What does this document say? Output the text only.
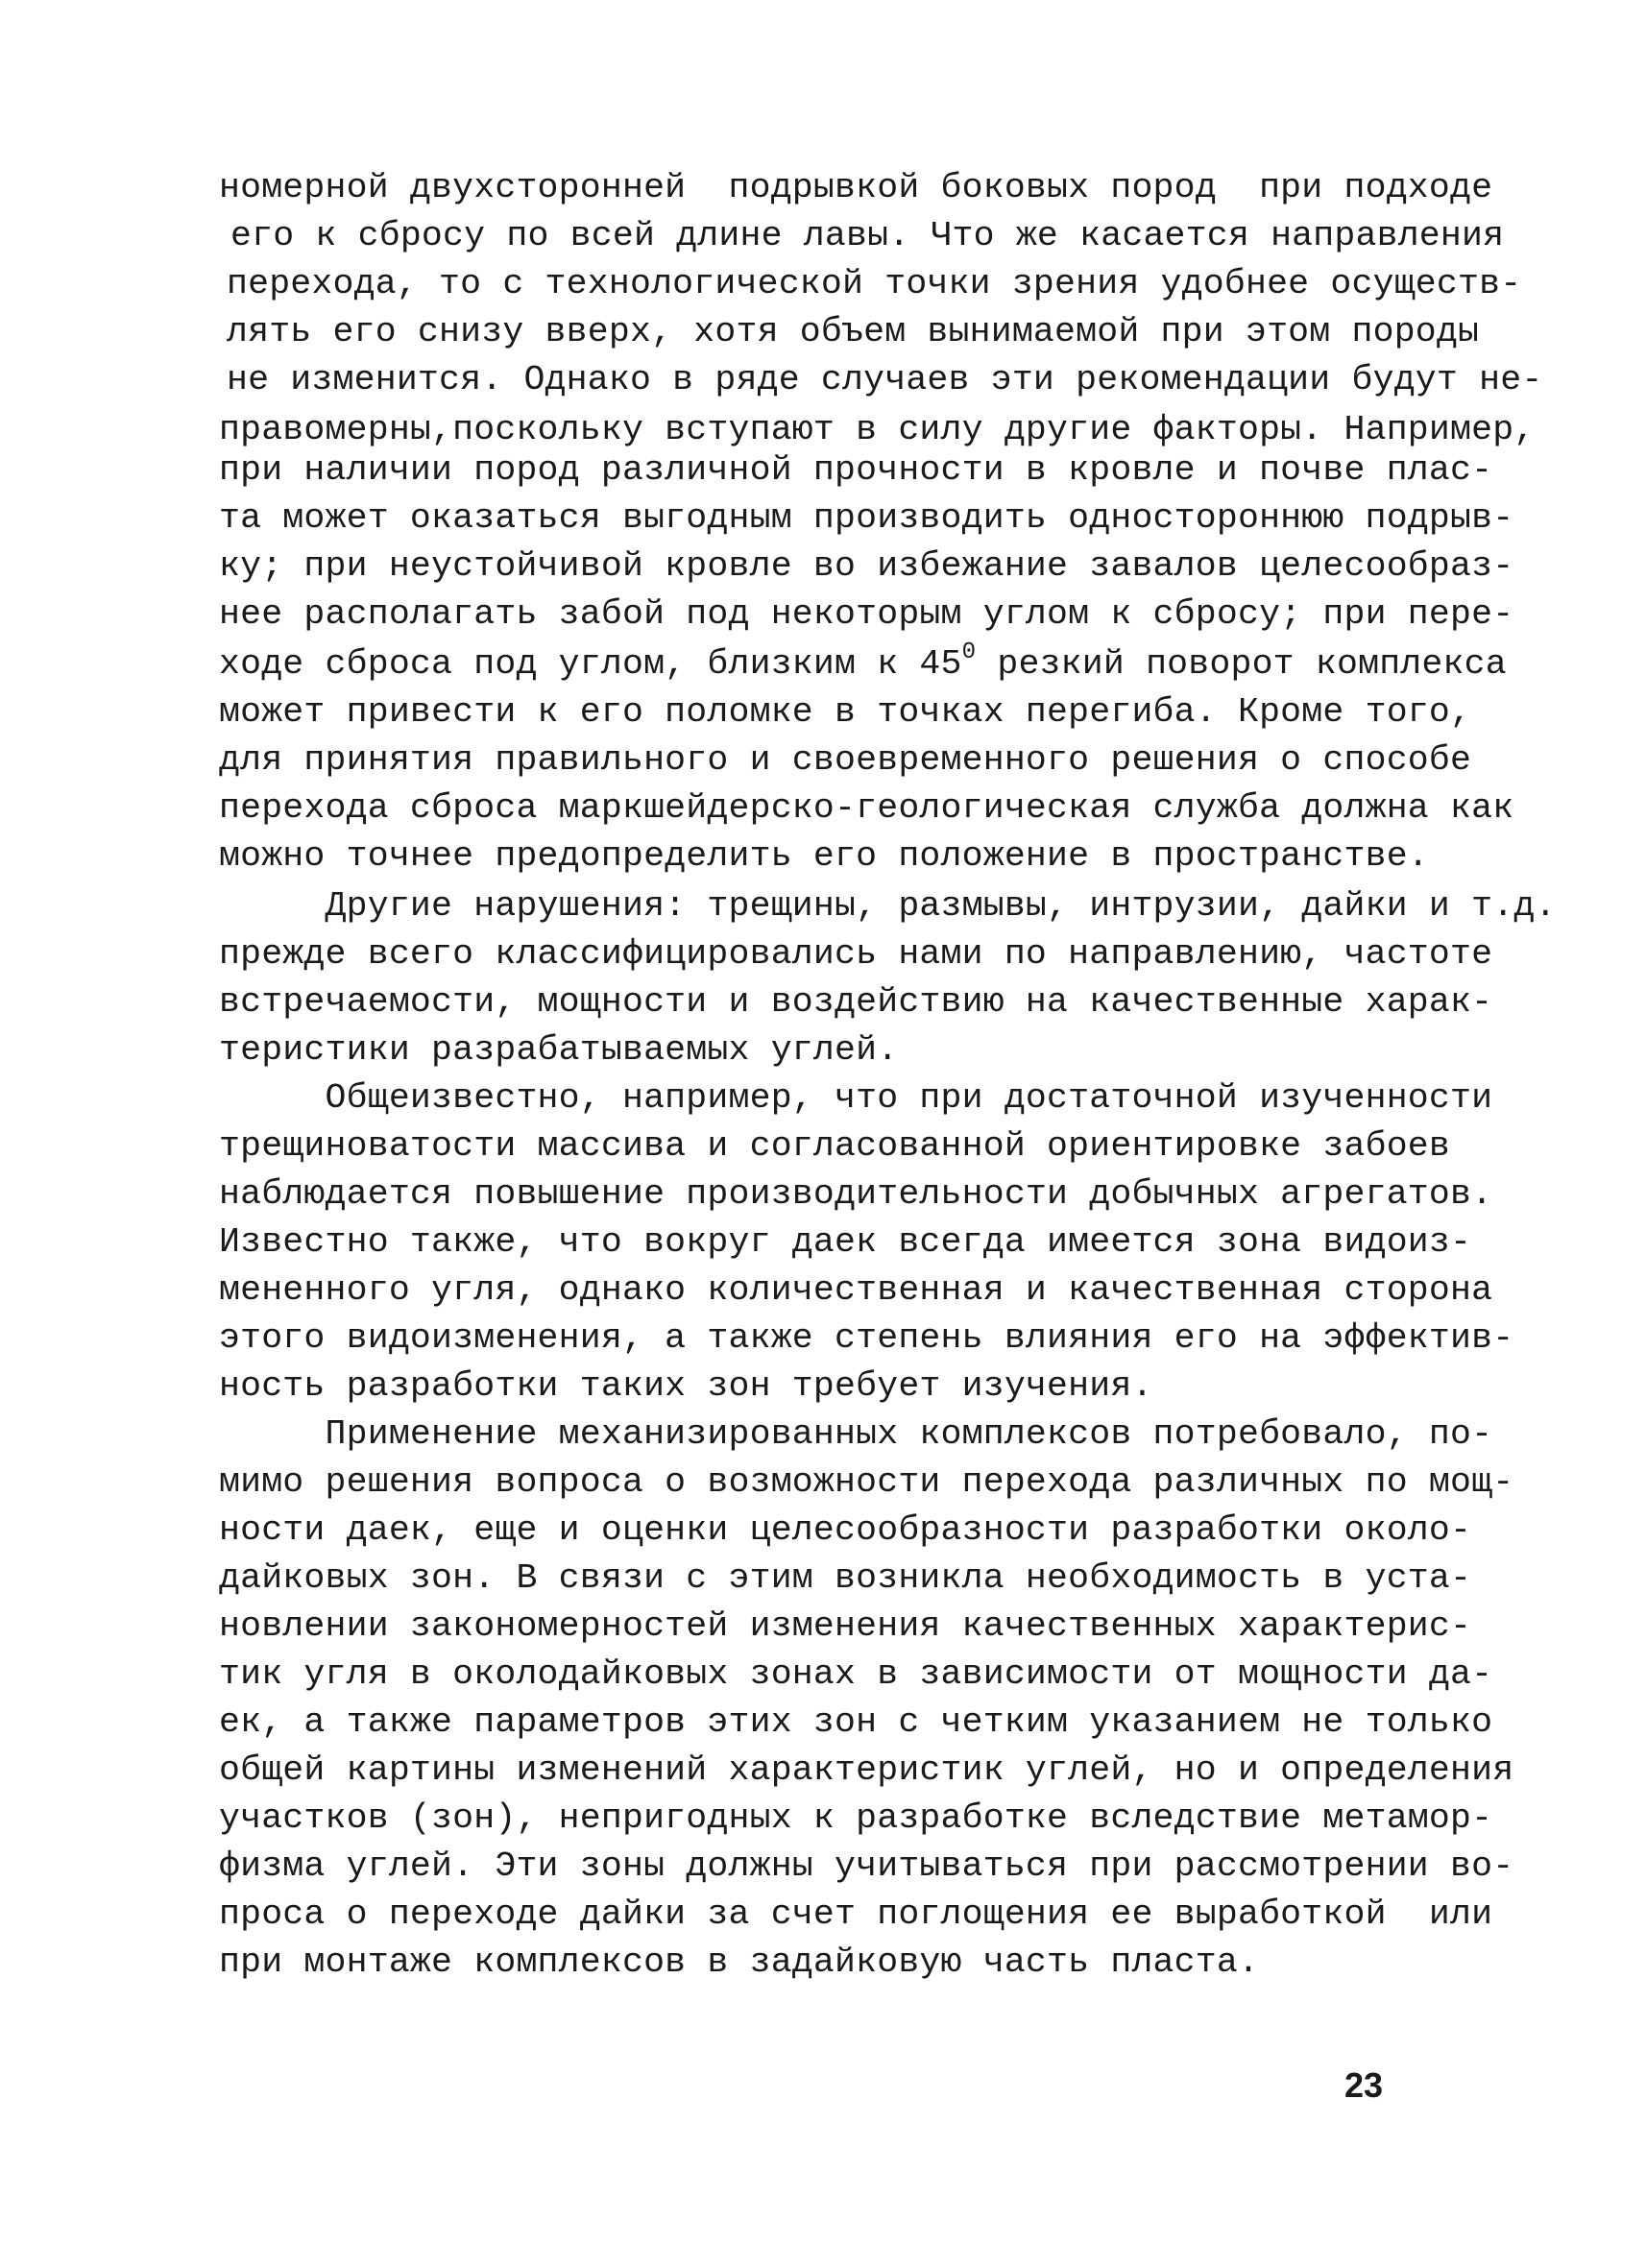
номерной двухсторонней  подрывкой боковых пород  при подходе
его к сбросу по всей длине лавы. Что же касается направления
перехода, то с технологической точки зрения удобнее осуществ-
лять его снизу вверх, хотя объем вынимаемой при этом породы
не изменится. Однако в ряде случаев эти рекомендации будут не-
правомерны,поскольку вступают в силу другие факторы. Например,
при наличии пород различной прочности в кровле и почве плас-
та может оказаться выгодным производить одностороннюю подрыв-
ку; при неустойчивой кровле во избежание завалов целесообраз-
нее располагать забой под некоторым углом к сбросу; при пере-
ходе сброса под углом, близким к $45^0$ резкий поворот комплекса
может привести к его поломке в точках перегиба. Кроме того,
для принятия правильного и своевременного решения о способе
перехода сброса маркшейдерско-геологическая служба должна как
можно точнее предопределить его положение в пространстве.
Другие нарушения: трещины, размывы, интрузии, дайки и т.д.
прежде всего классифицировались нами по направлению, частоте
встречаемости, мощности и воздействию на качественные харак-
теристики разрабатываемых углей.
Общеизвестно, например, что при достаточной изученности
трещиноватости массива и согласованной ориентировке забоев
наблюдается повышение производительности добычных агрегатов.
Известно также, что вокруг даек всегда имеется зона видоиз-
мененного угля, однако количественная и качественная сторона
этого видоизменения, а также степень влияния его на эффектив-
ность разработки таких зон требует изучения.
Применение механизированных комплексов потребовало, по-
мимо решения вопроса о возможности перехода различных по мощ-
ности даек, еще и оценки целесообразности разработки около-
дайковых зон. В связи с этим возникла необходимость в уста-
новлении закономерностей изменения качественных характерис-
тик угля в околодайковых зонах в зависимости от мощности да-
ек, а также параметров этих зон с четким указанием не только
общей картины изменений характеристик углей, но и определения
участков (зон), непригодных к разработке вследствие метамор-
физма углей. Эти зоны должны учитываться при рассмотрении во-
проса о переходе дайки за счет поглощения ее выработкой  или
при монтаже комплексов в задайковую часть пласта.
23
